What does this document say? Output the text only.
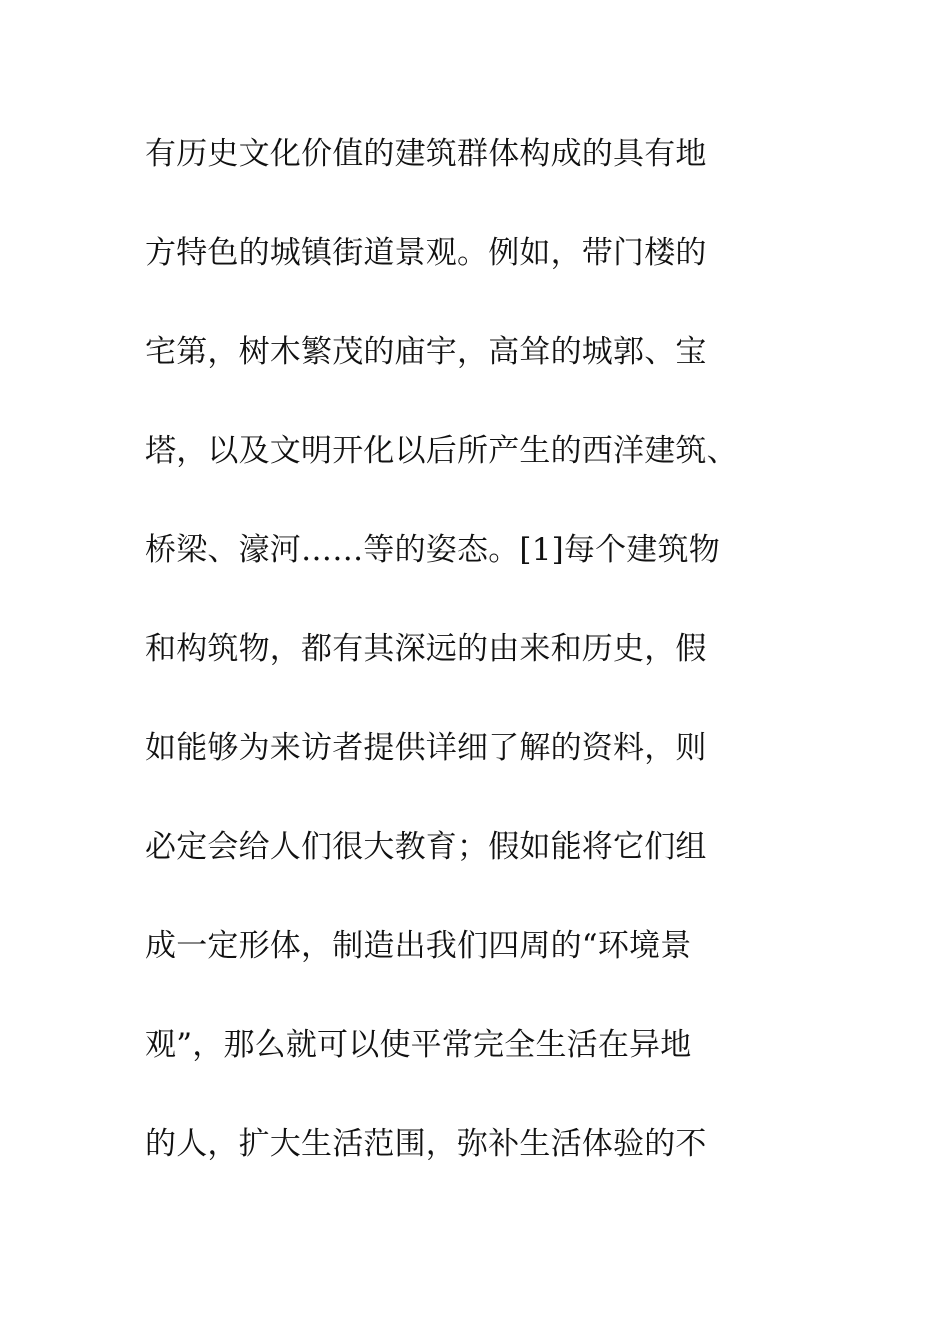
有历史文化价值的建筑群体构成的具有地
方特色的城镇街道景观。例如，带门楼的
宅第，树木繁茂的庙宇，高耸的城郭、宝
塔，以及文明开化以后所产生的西洋建筑、
桥梁、濠河……等的姿态。[1]每个建筑物
和构筑物，都有其深远的由来和历史，假
如能够为来访者提供详细了解的资料，则
必定会给人们很大教育；假如能将它们组
成一定形体，制造出我们四周的“环境景
观”，那么就可以使平常完全生活在异地
的人，扩大生活范围，弥补生活体验的不
